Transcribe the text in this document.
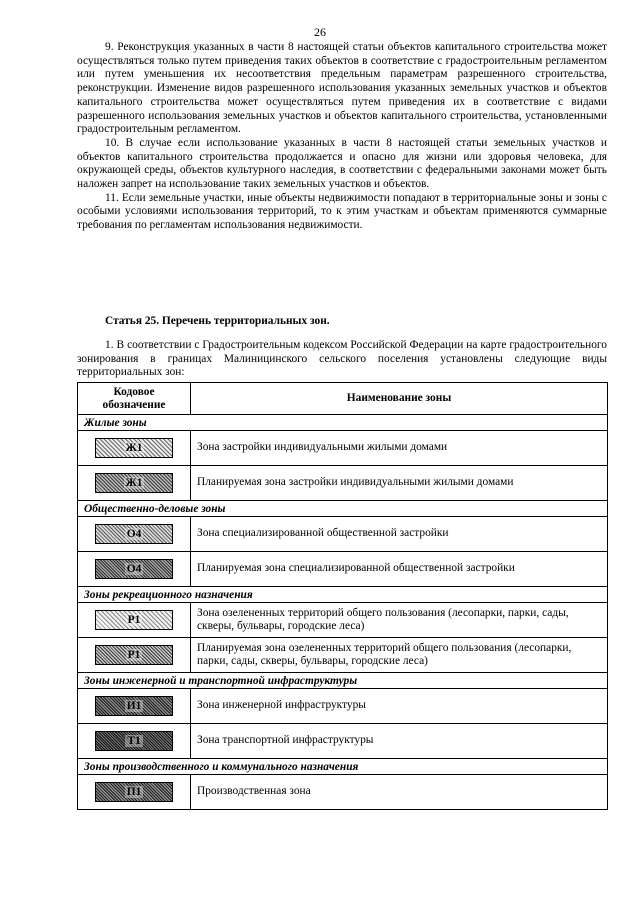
26

9. Реконструкция указанных в части 8 настоящей статьи объектов капитального строительства может осуществляться только путем приведения таких объектов в соответствие с градостроительным регламентом или путем уменьшения их несоответствия предельным параметрам разрешенного строительства, реконструкции. Изменение видов разрешенного использования указанных земельных участков и объектов капитального строительства может осуществляться путем приведения их в соответствие с видами разрешенного использования земельных участков и объектов капитального строительства, установленными градостроительным регламентом.

10. В случае если использование указанных в части 8 настоящей статьи земельных участков и объектов капитального строительства продолжается и опасно для жизни или здоровья человека, для окружающей среды, объектов культурного наследия, в соответствии с федеральными законами может быть наложен запрет на использование таких земельных участков и объектов.

11. Если земельные участки, иные объекты недвижимости попадают в территориальные зоны и зоны с особыми условиями использования территорий, то к этим участкам и объектам применяются суммарные требования по регламентам использования недвижимости.

Статья 25. Перечень территориальных зон.
1. В соответствии с Градостроительным кодексом Российской Федерации на карте градостроительного зонирования в границах Малиницинского сельского поселения установлены следующие виды территориальных зон:
Кодовое обозначение	Наименование зоны
Жилые зоны	
Ж1	Зона застройки индивидуальными жилыми домами
Ж1	Планируемая зона застройки индивидуальными жилыми домами
Общественно-деловые зоны	
О4	Зона специализированной общественной застройки
О4	Планируемая зона специализированной общественной застройки
Зоны рекреационного назначения	
Р1	Зона озелененных территорий общего пользования (лесопарки, парки, сады, скверы, бульвары, городские леса)
Р1	Планируемая зона озелененных территорий общего пользования (лесопарки, парки, сады, скверы, бульвары, городские леса)
Зоны инженерной и транспортной инфраструктуры	
И1	Зона инженерной инфраструктуры
Т1	Зона транспортной инфраструктуры
Зоны производственного и коммунального назначения	
П1	Производственная зона
